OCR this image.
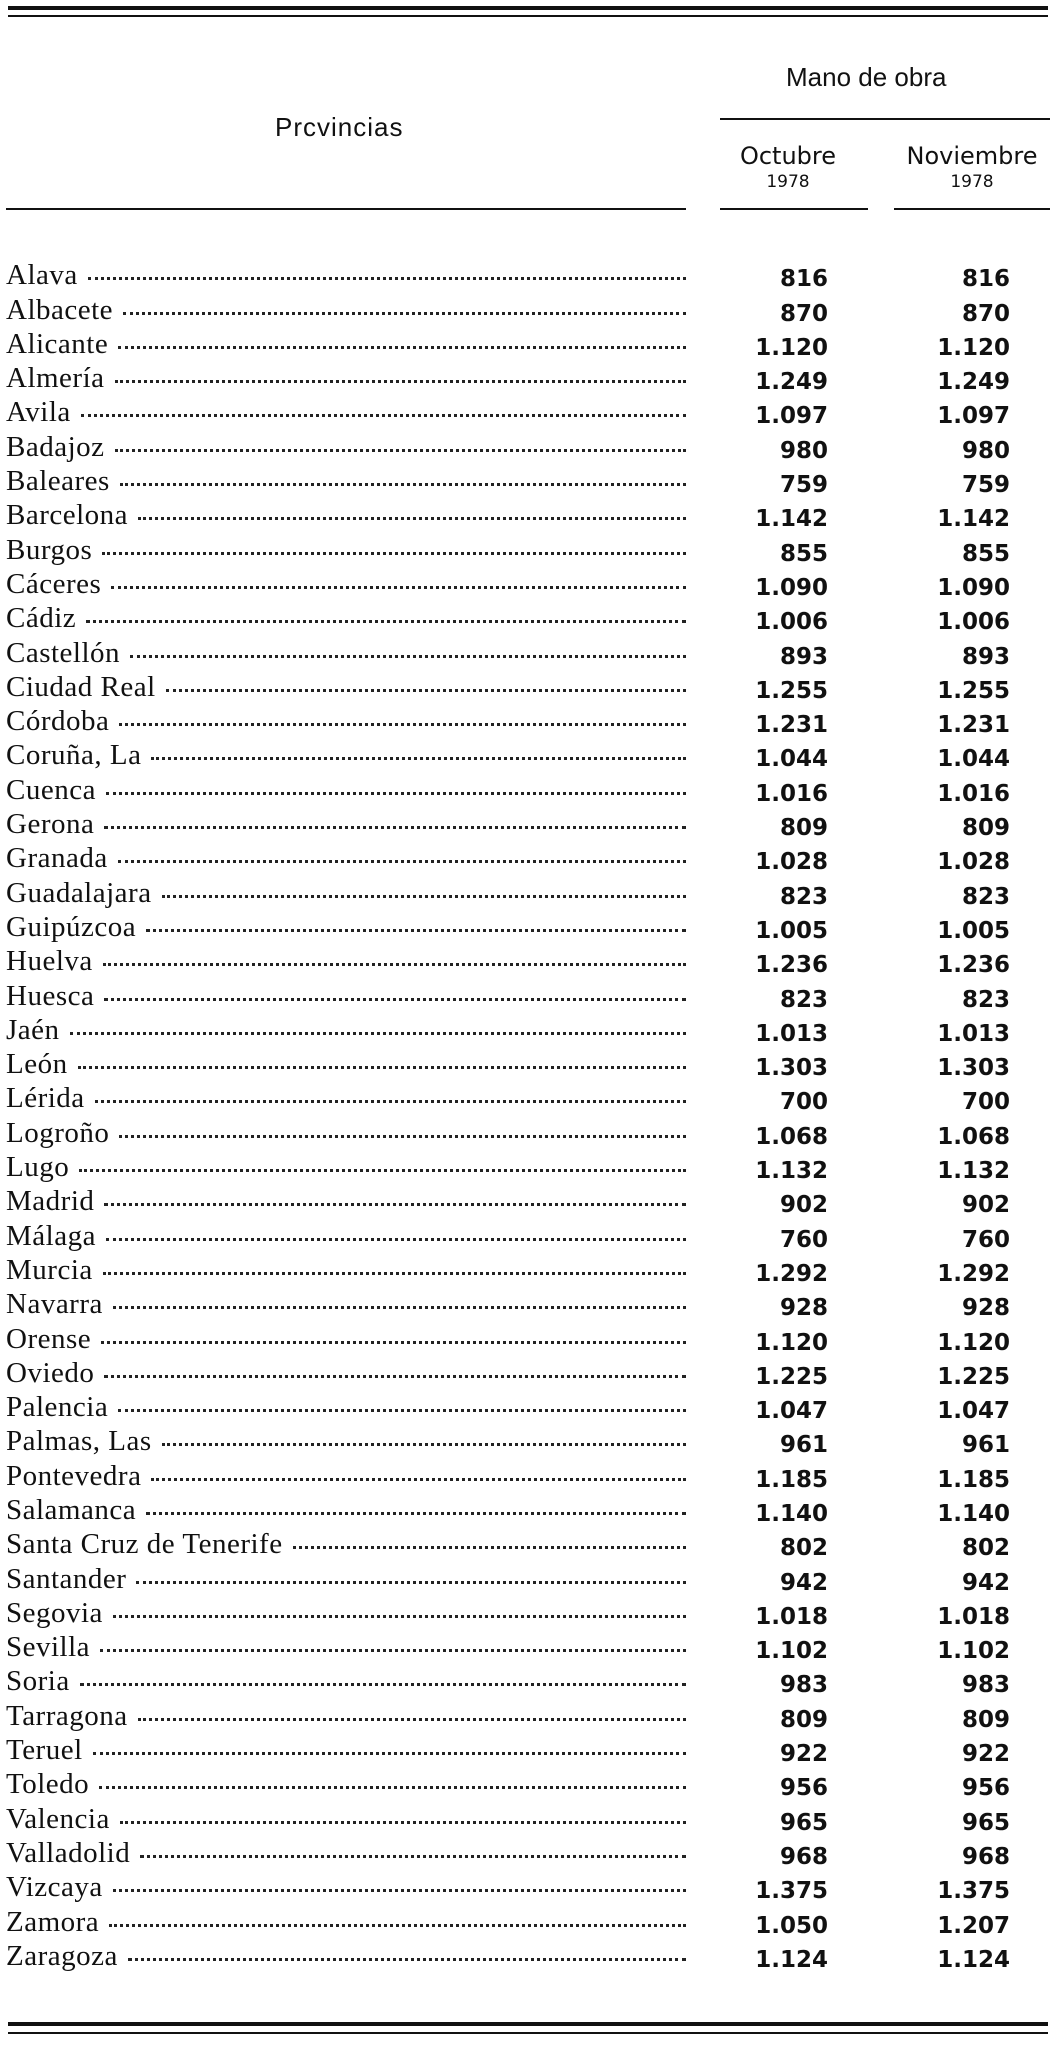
Prcvincias
Mano de obra
Octubre
1978
Noviembre
1978
Alava	816	816
Albacete	870	870
Alicante	1.120	1.120
Almería	1.249	1.249
Avila	1.097	1.097
Badajoz	980	980
Baleares	759	759
Barcelona	1.142	1.142
Burgos	855	855
Cáceres	1.090	1.090
Cádiz	1.006	1.006
Castellón	893	893
Ciudad Real	1.255	1.255
Córdoba	1.231	1.231
Coruña, La	1.044	1.044
Cuenca	1.016	1.016
Gerona	809	809
Granada	1.028	1.028
Guadalajara	823	823
Guipúzcoa	1.005	1.005
Huelva	1.236	1.236
Huesca	823	823
Jaén	1.013	1.013
León	1.303	1.303
Lérida	700	700
Logroño	1.068	1.068
Lugo	1.132	1.132
Madrid	902	902
Málaga	760	760
Murcia	1.292	1.292
Navarra	928	928
Orense	1.120	1.120
Oviedo	1.225	1.225
Palencia	1.047	1.047
Palmas, Las	961	961
Pontevedra	1.185	1.185
Salamanca	1.140	1.140
Santa Cruz de Tenerife	802	802
Santander	942	942
Segovia	1.018	1.018
Sevilla	1.102	1.102
Soria	983	983
Tarragona	809	809
Teruel	922	922
Toledo	956	956
Valencia	965	965
Valladolid	968	968
Vizcaya	1.375	1.375
Zamora	1.050	1.207
Zaragoza	1.124	1.124
